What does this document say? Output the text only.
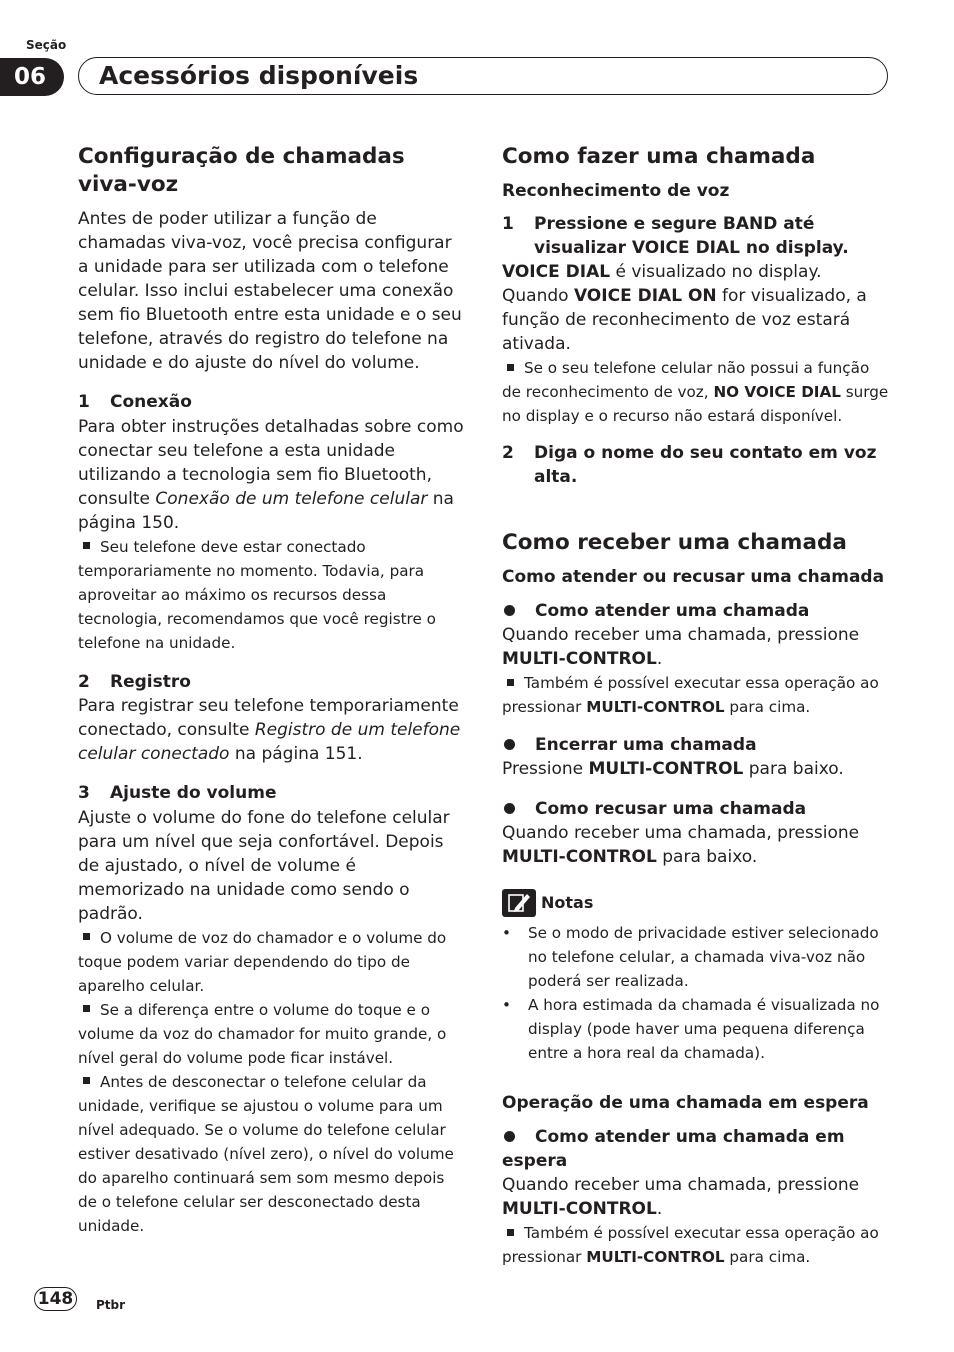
Seção
06	Acessórios disponíveis
Configuração de chamadas viva-voz

Antes de poder utilizar a função de chamadas viva-voz, você precisa configurar a unidade para ser utilizada com o telefone celular. Isso inclui estabelecer uma conexão sem fio Bluetooth entre esta unidade e o seu telefone, através do registro do telefone na unidade e do ajuste do nível do volume.

1 Conexão

Para obter instruções detalhadas sobre como conectar seu telefone a esta unidade utilizando a tecnologia sem fio Bluetooth, consulte Conexão de um telefone celular na página 150.

Seu telefone deve estar conectado temporariamente no momento. Todavia, para aproveitar ao máximo os recursos dessa tecnologia, recomendamos que você registre o telefone na unidade.

2 Registro

Para registrar seu telefone temporariamente conectado, consulte Registro de um telefone celular conectado na página 151.

3 Ajuste do volume

Ajuste o volume do fone do telefone celular para um nível que seja confortável. Depois de ajustado, o nível de volume é memorizado na unidade como sendo o padrão.

O volume de voz do chamador e o volume do toque podem variar dependendo do tipo de aparelho celular.

Se a diferença entre o volume do toque e o volume da voz do chamador for muito grande, o nível geral do volume pode ficar instável.

Antes de desconectar o telefone celular da unidade, verifique se ajustou o volume para um nível adequado. Se o volume do telefone celular estiver desativado (nível zero), o nível do volume do aparelho continuará sem som mesmo depois de o telefone celular ser desconectado desta unidade.

Como fazer uma chamada
Reconhecimento de voz
1	Pressione e segure BAND até visualizar VOICE DIAL no display.

VOICE DIAL é visualizado no display. Quando VOICE DIAL ON for visualizado, a função de reconhecimento de voz estará ativada.

Se o seu telefone celular não possui a função de reconhecimento de voz, NO VOICE DIAL surge no display e o recurso não estará disponível.

2	Diga o nome do seu contato em voz alta.
Como receber uma chamada
Como atender ou recusar uma chamada
Como atender uma chamada

Quando receber uma chamada, pressione MULTI-CONTROL.

Também é possível executar essa operação ao pressionar MULTI-CONTROL para cima.

Encerrar uma chamada

Pressione MULTI-CONTROL para baixo.

Como recusar uma chamada

Quando receber uma chamada, pressione MULTI-CONTROL para baixo.

Notas
• Se o modo de privacidade estiver selecionado no telefone celular, a chamada viva-voz não poderá ser realizada.
• A hora estimada da chamada é visualizada no display (pode haver uma pequena diferença entre a hora real da chamada).
Operação de uma chamada em espera
Como atender uma chamada em espera

Quando receber uma chamada, pressione MULTI-CONTROL.

Também é possível executar essa operação ao pressionar MULTI-CONTROL para cima.

148	Ptbr
